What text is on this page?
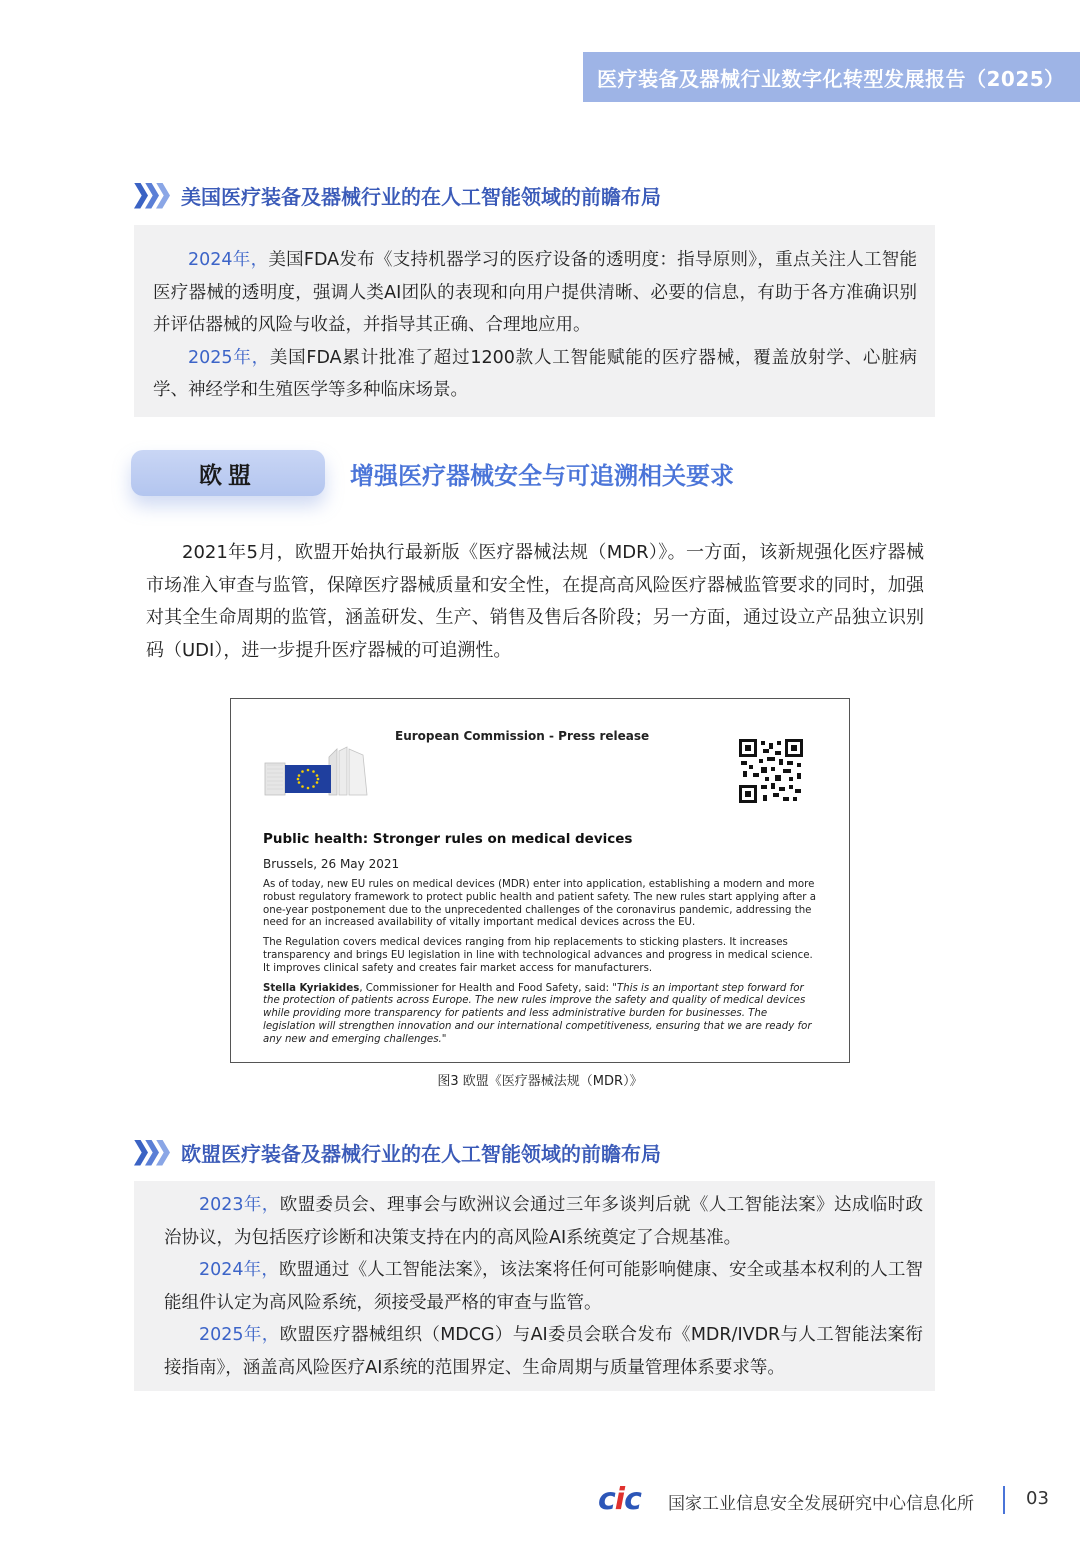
医疗装备及器械行业数字化转型发展报告（2025）
美国医疗装备及器械行业的在人工智能领域的前瞻布局

2024年，美国FDA发布《支持机器学习的医疗设备的透明度：指导原则》，重点关注人工智能医疗器械的透明度，强调人类AI团队的表现和向用户提供清晰、必要的信息，有助于各方准确识别并评估器械的风险与收益，并指导其正确、合理地应用。

2025年，美国FDA累计批准了超过1200款人工智能赋能的医疗器械，覆盖放射学、心脏病学、神经学和生殖医学等多种临床场景。

欧盟	增强医疗器械安全与可追溯相关要求

2021年5月，欧盟开始执行最新版《医疗器械法规（MDR）》。一方面，该新规强化医疗器械市场准入审查与监管，保障医疗器械质量和安全性，在提高高风险医疗器械监管要求的同时，加强对其全生命周期的监管，涵盖研发、生产、销售及售后各阶段；另一方面，通过设立产品独立识别码（UDI），进一步提升医疗器械的可追溯性。

European Commission - Press release
Public health: Stronger rules on medical devices
Brussels, 26 May 2021

As of today, new EU rules on medical devices (MDR) enter into application, establishing a modern and more robust regulatory framework to protect public health and patient safety. The new rules start applying after a one-year postponement due to the unprecedented challenges of the coronavirus pandemic, addressing the need for an increased availability of vitally important medical devices across the EU.

The Regulation covers medical devices ranging from hip replacements to sticking plasters. It increases transparency and brings EU legislation in line with technological advances and progress in medical science. It improves clinical safety and creates fair market access for manufacturers.

Stella Kyriakides, Commissioner for Health and Food Safety, said: "This is an important step forward for the protection of patients across Europe. The new rules improve the safety and quality of medical devices while providing more transparency for patients and less administrative burden for businesses. The legislation will strengthen innovation and our international competitiveness, ensuring that we are ready for any new and emerging challenges."

图3 欧盟《医疗器械法规（MDR）》
欧盟医疗装备及器械行业的在人工智能领域的前瞻布局

2023年，欧盟委员会、理事会与欧洲议会通过三年多谈判后就《人工智能法案》达成临时政治协议，为包括医疗诊断和决策支持在内的高风险AI系统奠定了合规基准。

2024年，欧盟通过《人工智能法案》，该法案将任何可能影响健康、安全或基本权利的人工智能组件认定为高风险系统，须接受最严格的审查与监管。

2025年，欧盟医疗器械组织（MDCG）与AI委员会联合发布《MDR/IVDR与人工智能法案衔接指南》，涵盖高风险医疗AI系统的范围界定、生命周期与质量管理体系要求等。

cic 国家工业信息安全发展研究中心信息化所	03
